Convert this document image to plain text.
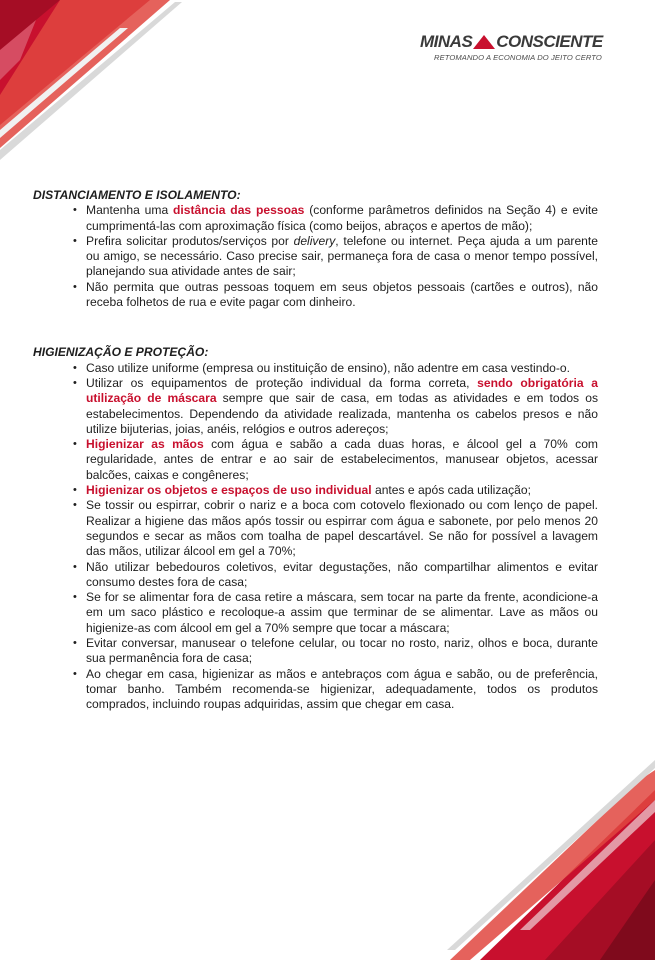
MINAS CONSCIENTE
RETOMANDO A ECONOMIA DO JEITO CERTO

DISTANCIAMENTO E ISOLAMENTO:

• Mantenha uma distância das pessoas (conforme parâmetros definidos na Seção 4) e evite cumprimentá-las com aproximação física (como beijos, abraços e apertos de mão);
• Prefira solicitar produtos/serviços por delivery, telefone ou internet. Peça ajuda a um parente ou amigo, se necessário. Caso precise sair, permaneça fora de casa o menor tempo possível, planejando sua atividade antes de sair;
• Não permita que outras pessoas toquem em seus objetos pessoais (cartões e outros), não receba folhetos de rua e evite pagar com dinheiro.

HIGIENIZAÇÃO E PROTEÇÃO:

• Caso utilize uniforme (empresa ou instituição de ensino), não adentre em casa vestindo-o.
• Utilizar os equipamentos de proteção individual da forma correta, sendo obrigatória a utilização de máscara sempre que sair de casa, em todas as atividades e em todos os estabelecimentos. Dependendo da atividade realizada, mantenha os cabelos presos e não utilize bijuterias, joias, anéis, relógios e outros adereços;
• Higienizar as mãos com água e sabão a cada duas horas, e álcool gel a 70% com regularidade, antes de entrar e ao sair de estabelecimentos, manusear objetos, acessar balcões, caixas e congêneres;
• Higienizar os objetos e espaços de uso individual antes e após cada utilização;
• Se tossir ou espirrar, cobrir o nariz e a boca com cotovelo flexionado ou com lenço de papel. Realizar a higiene das mãos após tossir ou espirrar com água e sabonete, por pelo menos 20 segundos e secar as mãos com toalha de papel descartável. Se não for possível a lavagem das mãos, utilizar álcool em gel a 70%;
• Não utilizar bebedouros coletivos, evitar degustações, não compartilhar alimentos e evitar consumo destes fora de casa;
• Se for se alimentar fora de casa retire a máscara, sem tocar na parte da frente, acondicione-a em um saco plástico e recoloque-a assim que terminar de se alimentar. Lave as mãos ou higienize-as com álcool em gel a 70% sempre que tocar a máscara;
• Evitar conversar, manusear o telefone celular, ou tocar no rosto, nariz, olhos e boca, durante sua permanência fora de casa;
• Ao chegar em casa, higienizar as mãos e antebraços com água e sabão, ou de preferência, tomar banho. Também recomenda-se higienizar, adequadamente, todos os produtos comprados, incluindo roupas adquiridas, assim que chegar em casa.
